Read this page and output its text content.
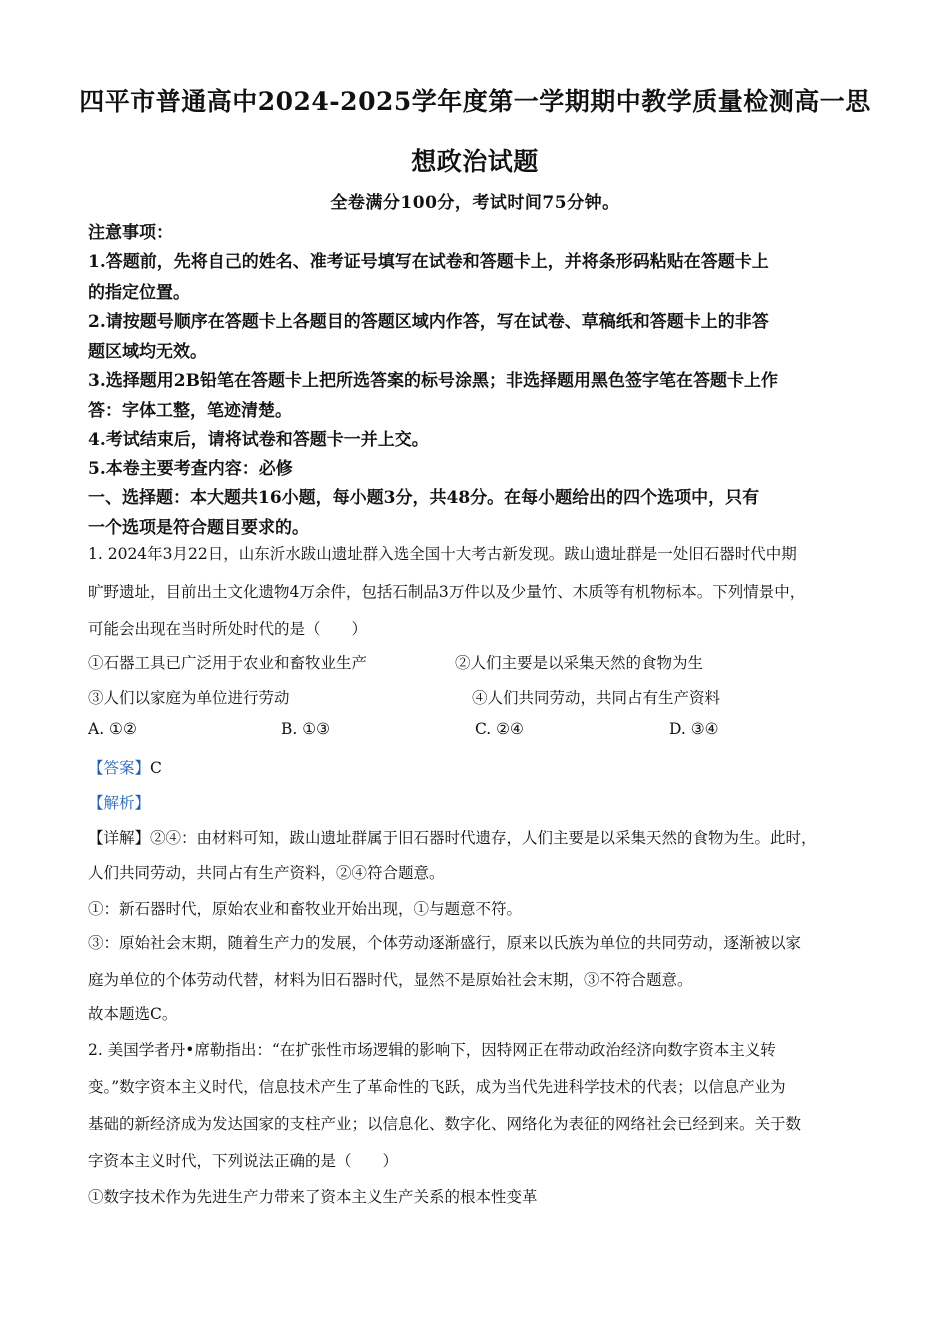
四平市普通高中2024-2025学年度第一学期期中教学质量检测高一思
想政治试题
全卷满分100分，考试时间75分钟。
注意事项：
1.答题前，先将自己的姓名、准考证号填写在试卷和答题卡上，并将条形码粘贴在答题卡上
的指定位置。
2.请按题号顺序在答题卡上各题目的答题区域内作答，写在试卷、草稿纸和答题卡上的非答
题区域均无效。
3.选择题用2B铅笔在答题卡上把所选答案的标号涂黑；非选择题用黑色签字笔在答题卡上作
答：字体工整，笔迹清楚。
4.考试结束后，请将试卷和答题卡一并上交。
5.本卷主要考查内容：必修
一、选择题：本大题共16小题，每小题3分，共48分。在每小题给出的四个选项中，只有
一个选项是符合题目要求的。
1. 2024年3月22日，山东沂水跋山遗址群入选全国十大考古新发现。跋山遗址群是一处旧石器时代中期
旷野遗址，目前出土文化遗物4万余件，包括石制品3万件以及少量竹、木质等有机物标本。下列情景中，
可能会出现在当时所处时代的是（　　）
①石器工具已广泛用于农业和畜牧业生产	②人们主要是以采集天然的食物为生
③人们以家庭为单位进行劳动	④人们共同劳动，共同占有生产资料
A. ①②	B. ①③	C. ②④	D. ③④
【答案】C
【解析】
【详解】②④：由材料可知，跋山遗址群属于旧石器时代遗存，人们主要是以采集天然的食物为生。此时，
人们共同劳动，共同占有生产资料，②④符合题意。
①：新石器时代，原始农业和畜牧业开始出现，①与题意不符。
③：原始社会末期，随着生产力的发展，个体劳动逐渐盛行，原来以氏族为单位的共同劳动，逐渐被以家
庭为单位的个体劳动代替，材料为旧石器时代，显然不是原始社会末期，③不符合题意。
故本题选C。
2. 美国学者丹•席勒指出：“在扩张性市场逻辑的影响下，因特网正在带动政治经济向数字资本主义转
变。”数字资本主义时代，信息技术产生了革命性的飞跃，成为当代先进科学技术的代表；以信息产业为
基础的新经济成为发达国家的支柱产业；以信息化、数字化、网络化为表征的网络社会已经到来。关于数
字资本主义时代，下列说法正确的是（　　）
①数字技术作为先进生产力带来了资本主义生产关系的根本性变革
